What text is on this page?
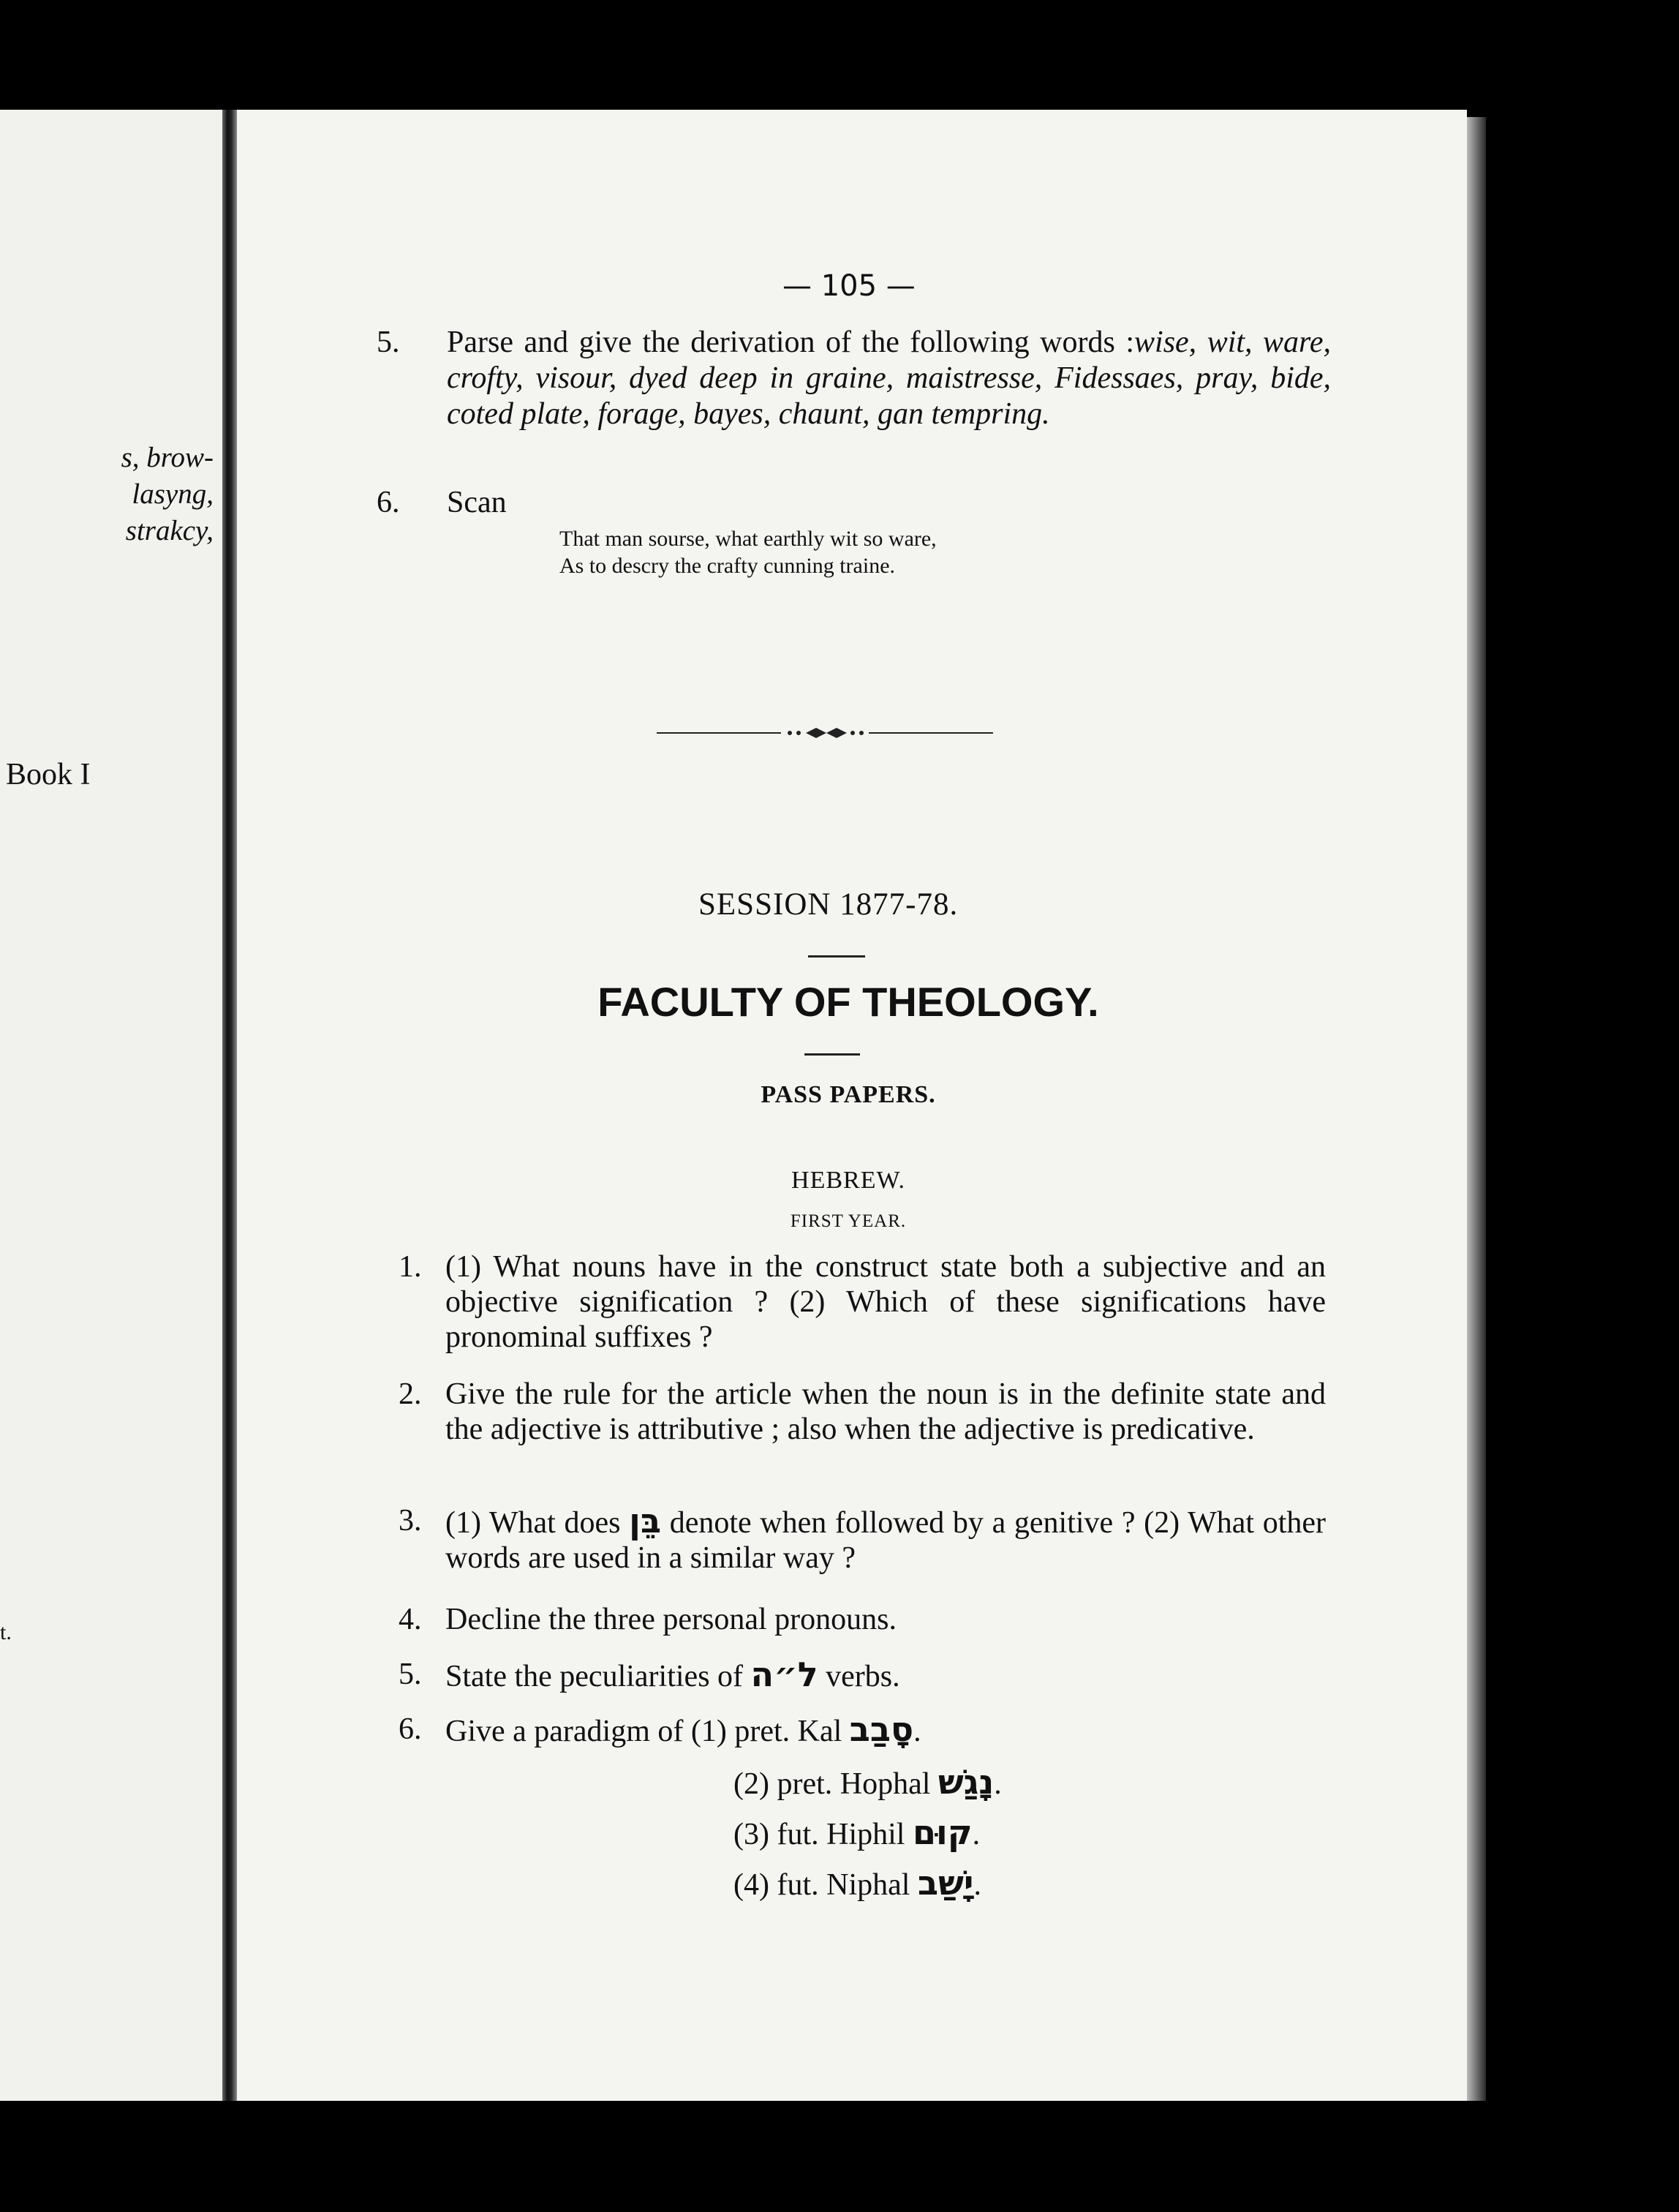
s, brow-
lasyng,
strakcy,
Book I
t.
— 105 —
5. Parse and give the derivation of the following words :wise, wit, ware, crofty, visour, dyed deep in graine, maistresse, Fidessaes, pray, bide, coted plate, forage, bayes, chaunt, gan tempring.
6. Scan
That man sourse, what earthly wit so ware,
As to descry the crafty cunning traine.
SESSION 1877-78.
FACULTY OF THEOLOGY.
PASS PAPERS.
HEBREW.
FIRST YEAR.
1. (1) What nouns have in the construct state both a subjective and an objective signification ? (2) Which of these significations have pronominal suffixes ?
2. Give the rule for the article when the noun is in the definite state and the adjective is attributive ; also when the adjective is predicative.
3. (1) What does בֵּן denote when followed by a genitive ? (2) What other words are used in a similar way ?
4. Decline the three personal pronouns.
5. State the peculiarities of ל״ה verbs.
6. Give a paradigm of (1) pret. Kal סָבַב.
(2) pret. Hophal נָגַשׁ.
(3) fut. Hiphil קוּם.
(4) fut. Niphal יָשַׁב.
